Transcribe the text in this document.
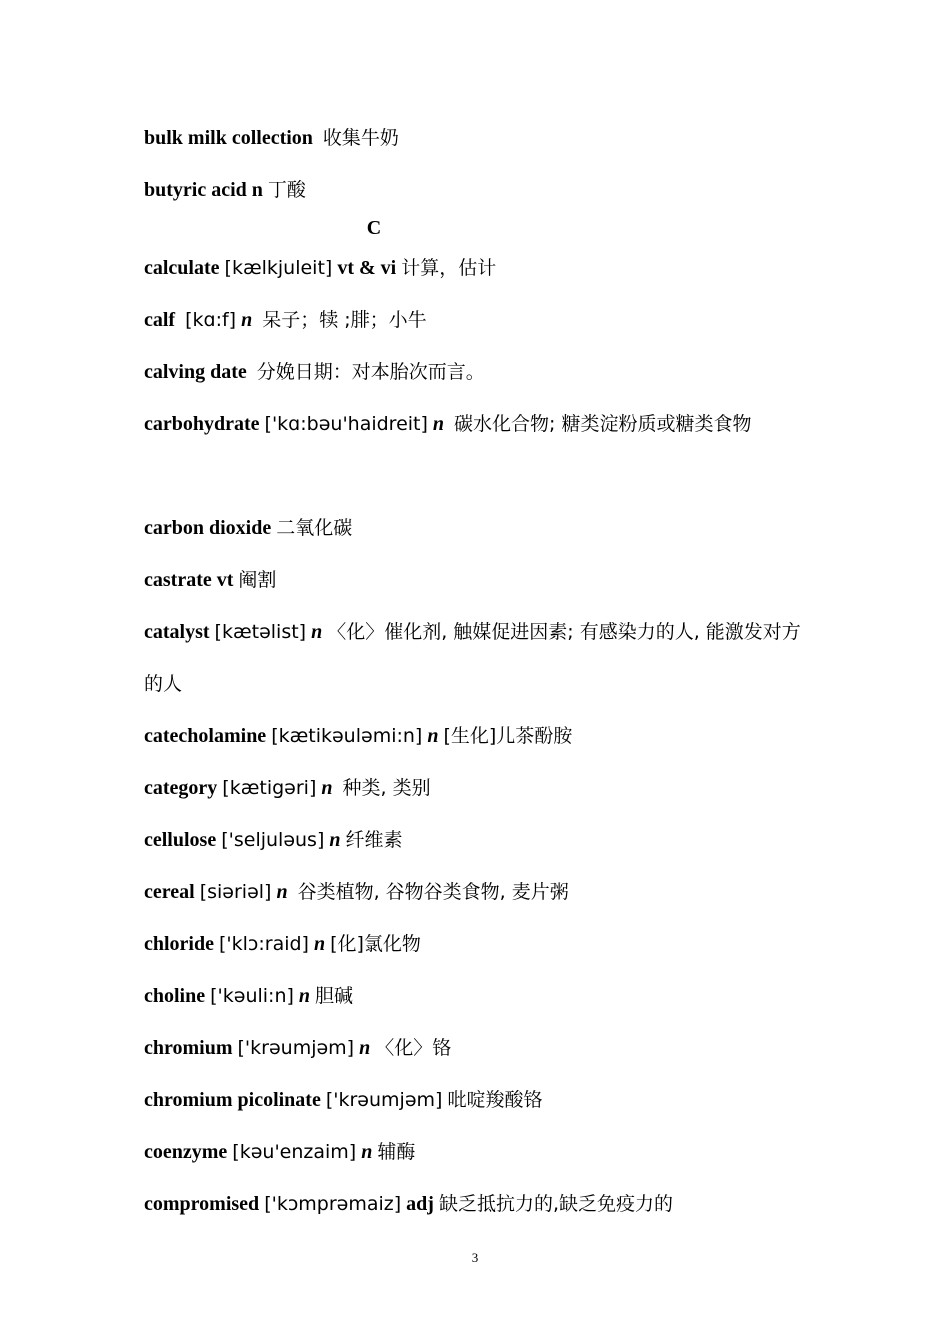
bulk milk collection 收集牛奶
butyric acid n 丁酸
C
calculate [kælkjuleit] vt & vi 计算，估计
calf [kɑ:f] n 呆子；犊 ;腓；小牛
calving date 分娩日期：对本胎次而言。
carbohydrate ['kɑ:bəu'haidreit] n 碳水化合物; 糖类淀粉质或糖类食物
carbon dioxide 二氧化碳
castrate vt 阉割
catalyst [kætəlist] n 〈化〉催化剂, 触媒促进因素; 有感染力的人, 能激发对方的人
catecholamine [kætikəuləmi:n] n [生化]儿茶酚胺
category [kætigəri] n 种类, 类别
cellulose ['seljuləus] n 纤维素
cereal [siəriəl] n 谷类植物, 谷物谷类食物, 麦片粥
chloride ['klɔ:raid] n [化]氯化物
choline ['kəuli:n] n 胆碱
chromium ['krəumjəm] n 〈化〉铬
chromium picolinate ['krəumjəm] 吡啶羧酸铬
coenzyme [kəu'enzaim] n 辅酶
compromised ['kɔmprəmaiz] adj 缺乏抵抗力的,缺乏免疫力的
3
